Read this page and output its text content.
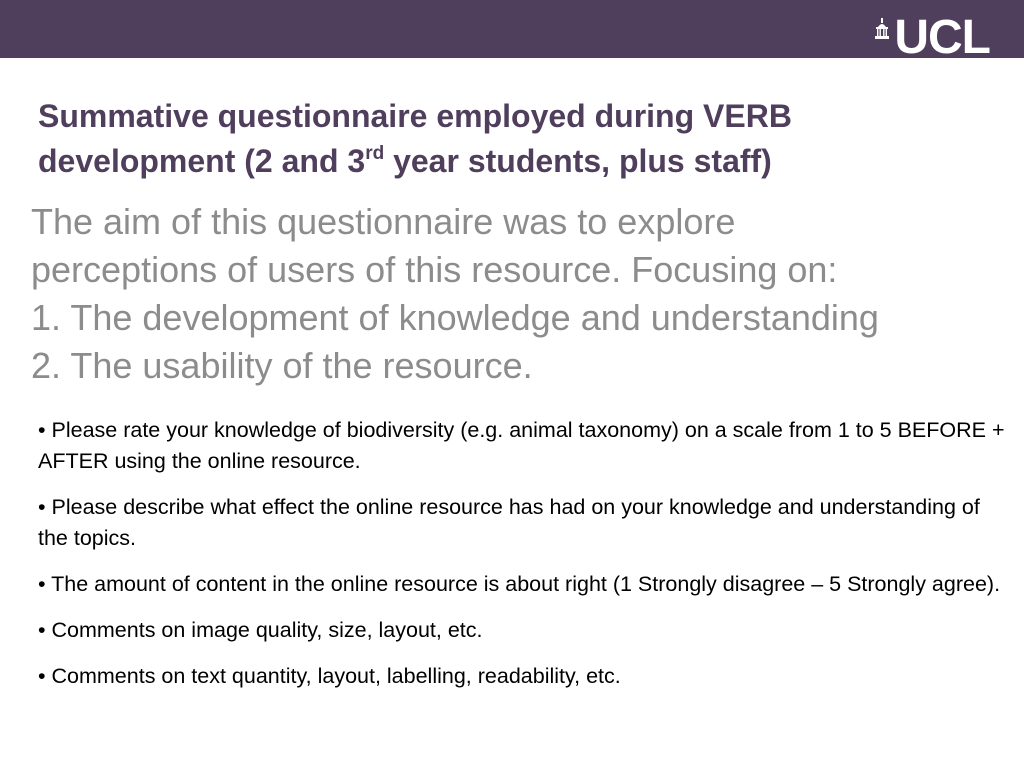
UCL
Summative questionnaire employed during VERB
development (2 and 3rd year students, plus staff)
The aim of this questionnaire was to explore
perceptions of users of this resource. Focusing on:
1. The development of knowledge and understanding
2. The usability of the resource.

• Please rate your knowledge of biodiversity (e.g. animal taxonomy) on a scale from 1 to 5 BEFORE + AFTER using the online resource.

• Please describe what effect the online resource has had on your knowledge and understanding of the topics.

• The amount of content in the online resource is about right (1 Strongly disagree – 5 Strongly agree).

• Comments on image quality, size, layout, etc.

• Comments on text quantity, layout, labelling, readability, etc.
